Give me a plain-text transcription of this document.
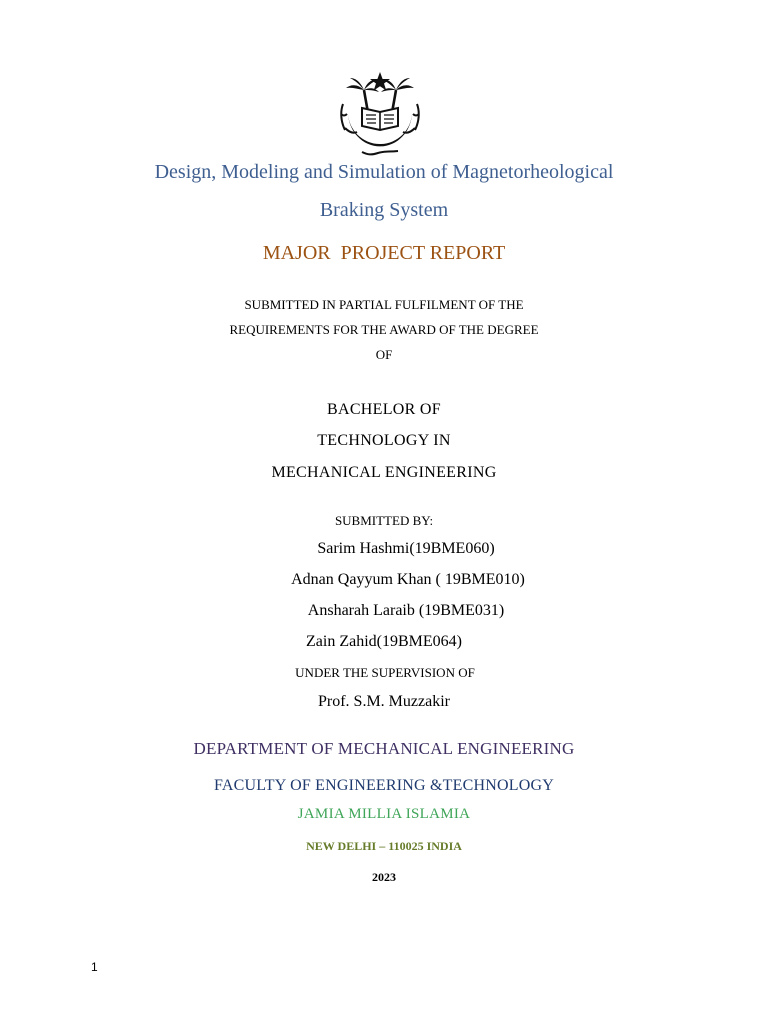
Design, Modeling and Simulation of Magnetorheological
Braking System
MAJOR  PROJECT REPORT
SUBMITTED IN PARTIAL FULFILMENT OF THE
REQUIREMENTS FOR THE AWARD OF THE DEGREE
OF
BACHELOR OF
TECHNOLOGY IN
MECHANICAL ENGINEERING
SUBMITTED BY:
Sarim Hashmi(19BME060)
Adnan Qayyum Khan ( 19BME010)
Ansharah Laraib (19BME031)
Zain Zahid(19BME064)
UNDER THE SUPERVISION OF
Prof. S.M. Muzzakir
DEPARTMENT OF MECHANICAL ENGINEERING
FACULTY OF ENGINEERING &TECHNOLOGY
JAMIA MILLIA ISLAMIA
NEW DELHI – 110025 INDIA
2023
1
